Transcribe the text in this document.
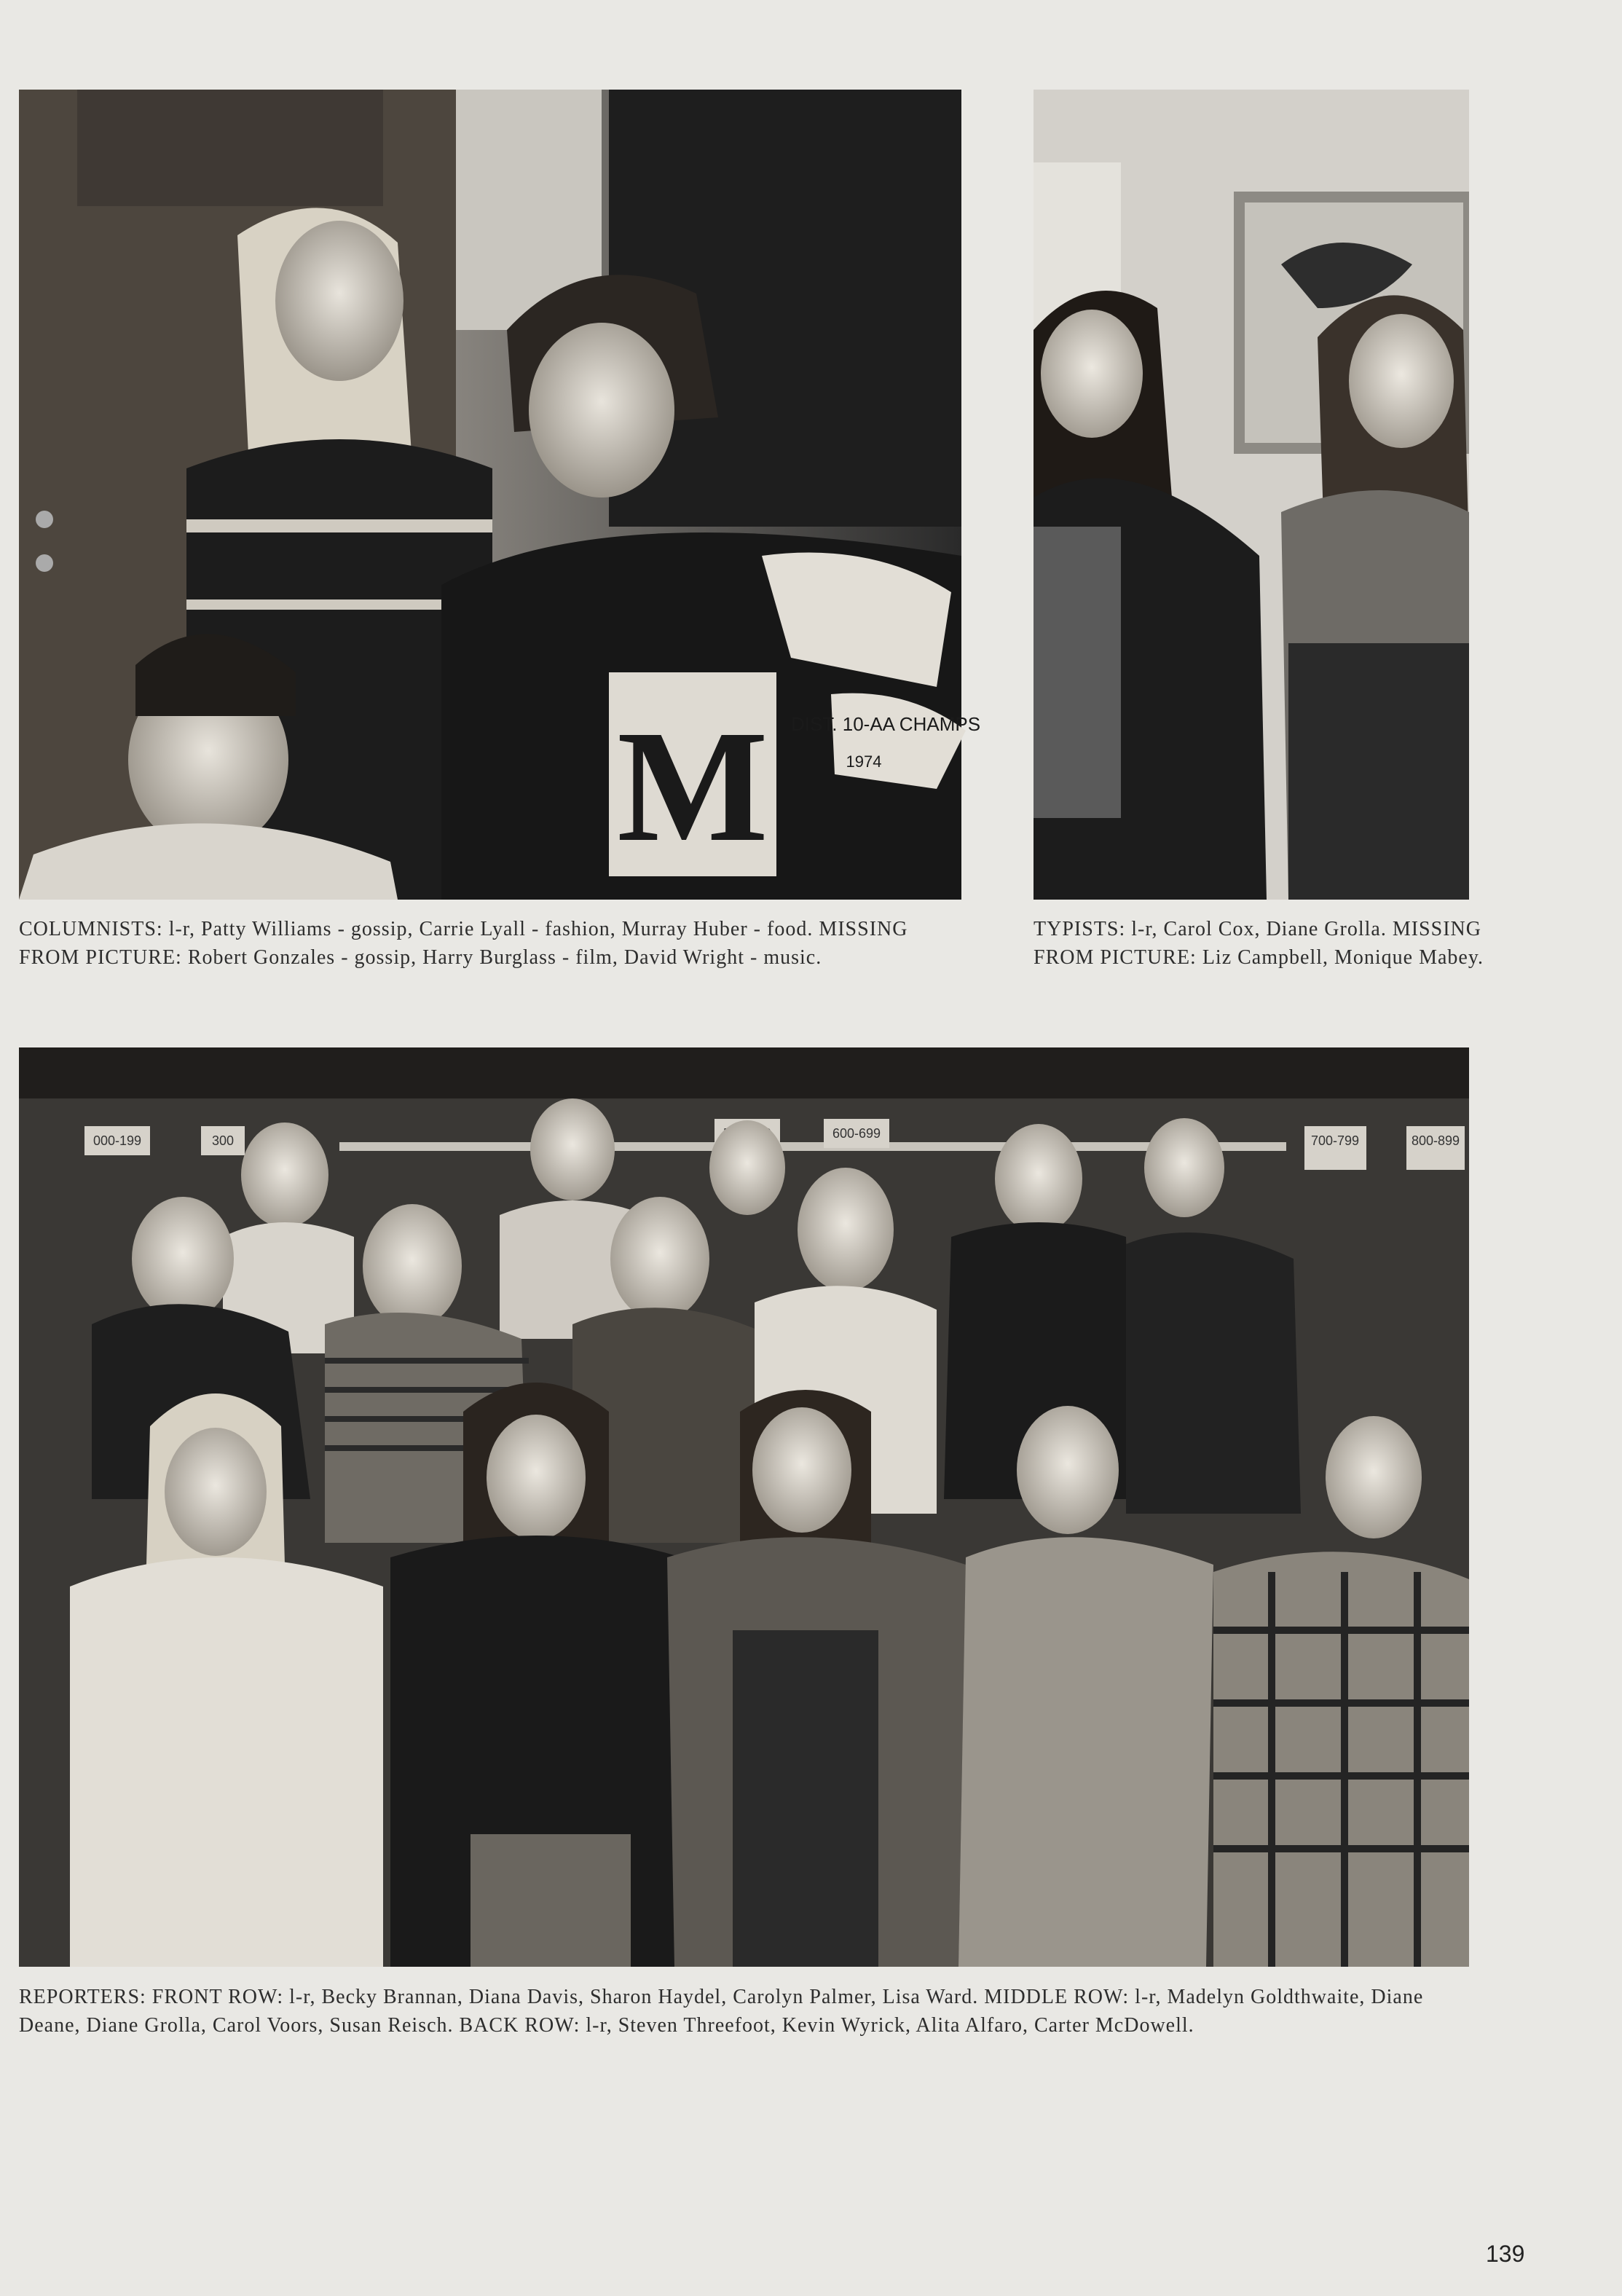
DIST. 10-AA CHAMPS
1974
M

COLUMNISTS: l-r, Patty Williams - gossip, Carrie Lyall - fashion, Murray Huber - food. MISSING FROM PICTURE: Robert Gonzales - gossip, Harry Burglass - film, David Wright - music.

TYPISTS: l-r, Carol Cox, Diane Grolla. MISSING FROM PICTURE: Liz Campbell, Monique Mabey.

000-199	300	600-699	700-799	800-899

REPORTERS: FRONT ROW: l-r, Becky Brannan, Diana Davis, Sharon Haydel, Carolyn Palmer, Lisa Ward. MIDDLE ROW: l-r, Madelyn Goldthwaite, Diane Deane, Diane Grolla, Carol Voors, Susan Reisch. BACK ROW: l-r, Steven Threefoot, Kevin Wyrick, Alita Alfaro, Carter McDowell.

139
